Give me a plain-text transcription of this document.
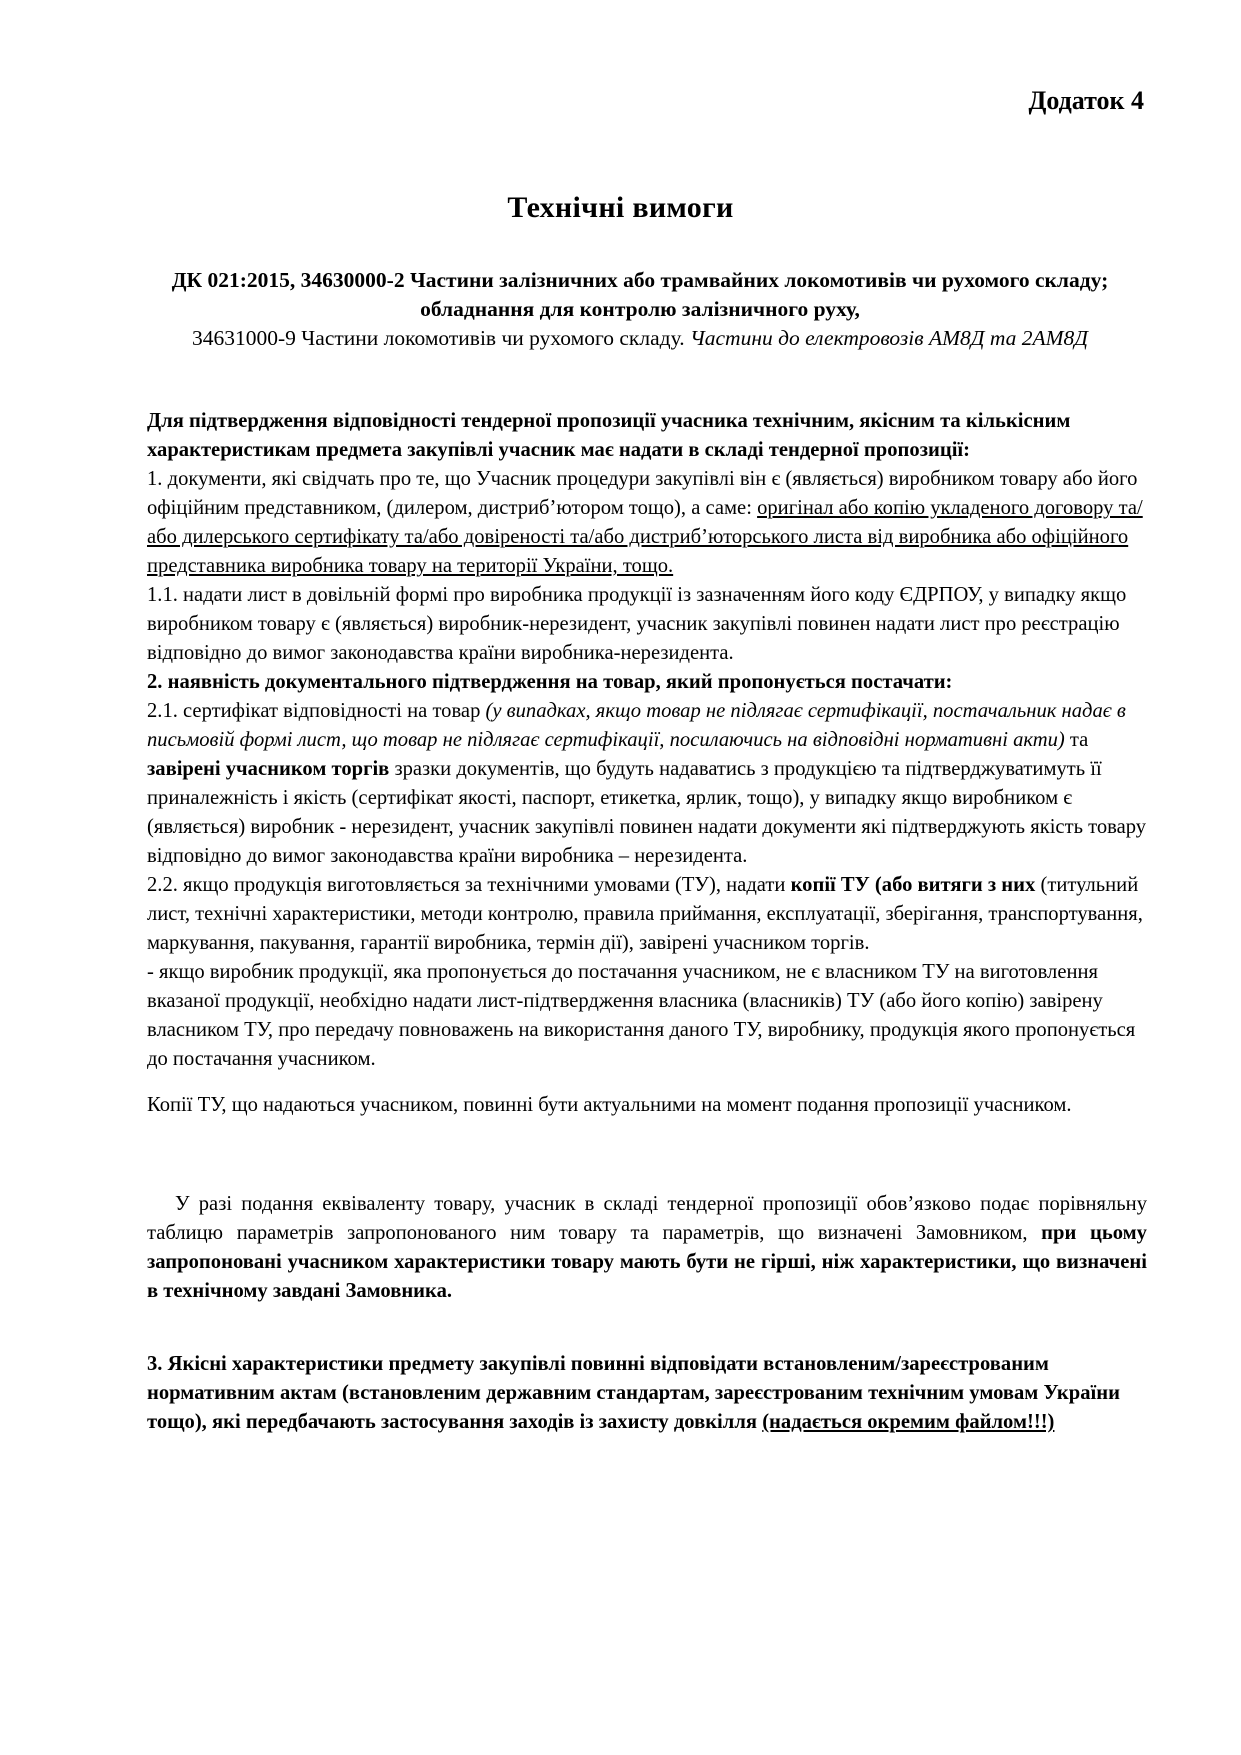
Додаток 4
Технічні вимоги
ДК 021:2015, 34630000-2 Частини залізничних або трамвайних локомотивів чи рухомого складу; обладнання для контролю залізничного руху,
34631000-9 Частини локомотивів чи рухомого складу. Частини до електровозів АМ8Д та 2АМ8Д

Для підтвердження відповідності тендерної пропозиції учасника технічним, якісним та кількісним характеристикам предмета закупівлі учасник має надати в складі тендерної пропозиції:

1. документи, які свідчать про те, що Учасник процедури закупівлі він є (являється) виробником товару або його офіційним представником, (дилером, дистриб’ютором тощо), а саме: оригінал або копію укладеного договору та/або дилерського сертифікату та/або довіреності та/або дистриб’юторського листа від виробника або офіційного представника виробника товару на території України, тощо.

1.1. надати лист в довільній формі про виробника продукції із зазначенням його коду ЄДРПОУ, у випадку якщо виробником товару є (являється) виробник-нерезидент, учасник закупівлі повинен надати лист про реєстрацію відповідно до вимог законодавства країни виробника-нерезидента.

2. наявність документального підтвердження на товар, який пропонується постачати:

2.1. сертифікат відповідності на товар (у випадках, якщо товар не підлягає сертифікації, постачальник надає в письмовій формі лист, що товар не підлягає сертифікації, посилаючись на відповідні нормативні акти) та завірені учасником торгів зразки документів, що будуть надаватись з продукцією та підтверджуватимуть її приналежність і якість (сертифікат якості, паспорт, етикетка, ярлик, тощо), у випадку якщо виробником є (являється) виробник - нерезидент, учасник закупівлі повинен надати документи які підтверджують якість товару відповідно до вимог законодавства країни виробника – нерезидента.

2.2. якщо продукція виготовляється за технічними умовами (ТУ), надати копії ТУ (або витяги з них (титульний лист, технічні характеристики, методи контролю, правила приймання, експлуатації, зберігання, транспортування, маркування, пакування, гарантії виробника, термін дії), завірені учасником торгів.

- якщо виробник продукції, яка пропонується до постачання учасником, не є власником ТУ на виготовлення вказаної продукції, необхідно надати лист-підтвердження власника (власників) ТУ (або його копію) завірену власником ТУ, про передачу повноважень на використання даного ТУ, виробнику, продукція якого пропонується до постачання учасником.

Копії ТУ, що надаються учасником, повинні бути актуальними на момент подання пропозиції учасником.

У разі подання еквіваленту товару, учасник в складі тендерної пропозиції обов’язково подає порівняльну таблицю параметрів запропонованого ним товару та параметрів, що визначені Замовником, при цьому запропоновані учасником характеристики товару мають бути не гірші, ніж характеристики, що визначені в технічному завдані Замовника.

3. Якісні характеристики предмету закупівлі повинні відповідати встановленим/зареєстрованим нормативним актам (встановленим державним стандартам, зареєстрованим технічним умовам України тощо), які передбачають застосування заходів із захисту довкілля (надається окремим файлом!!!)
